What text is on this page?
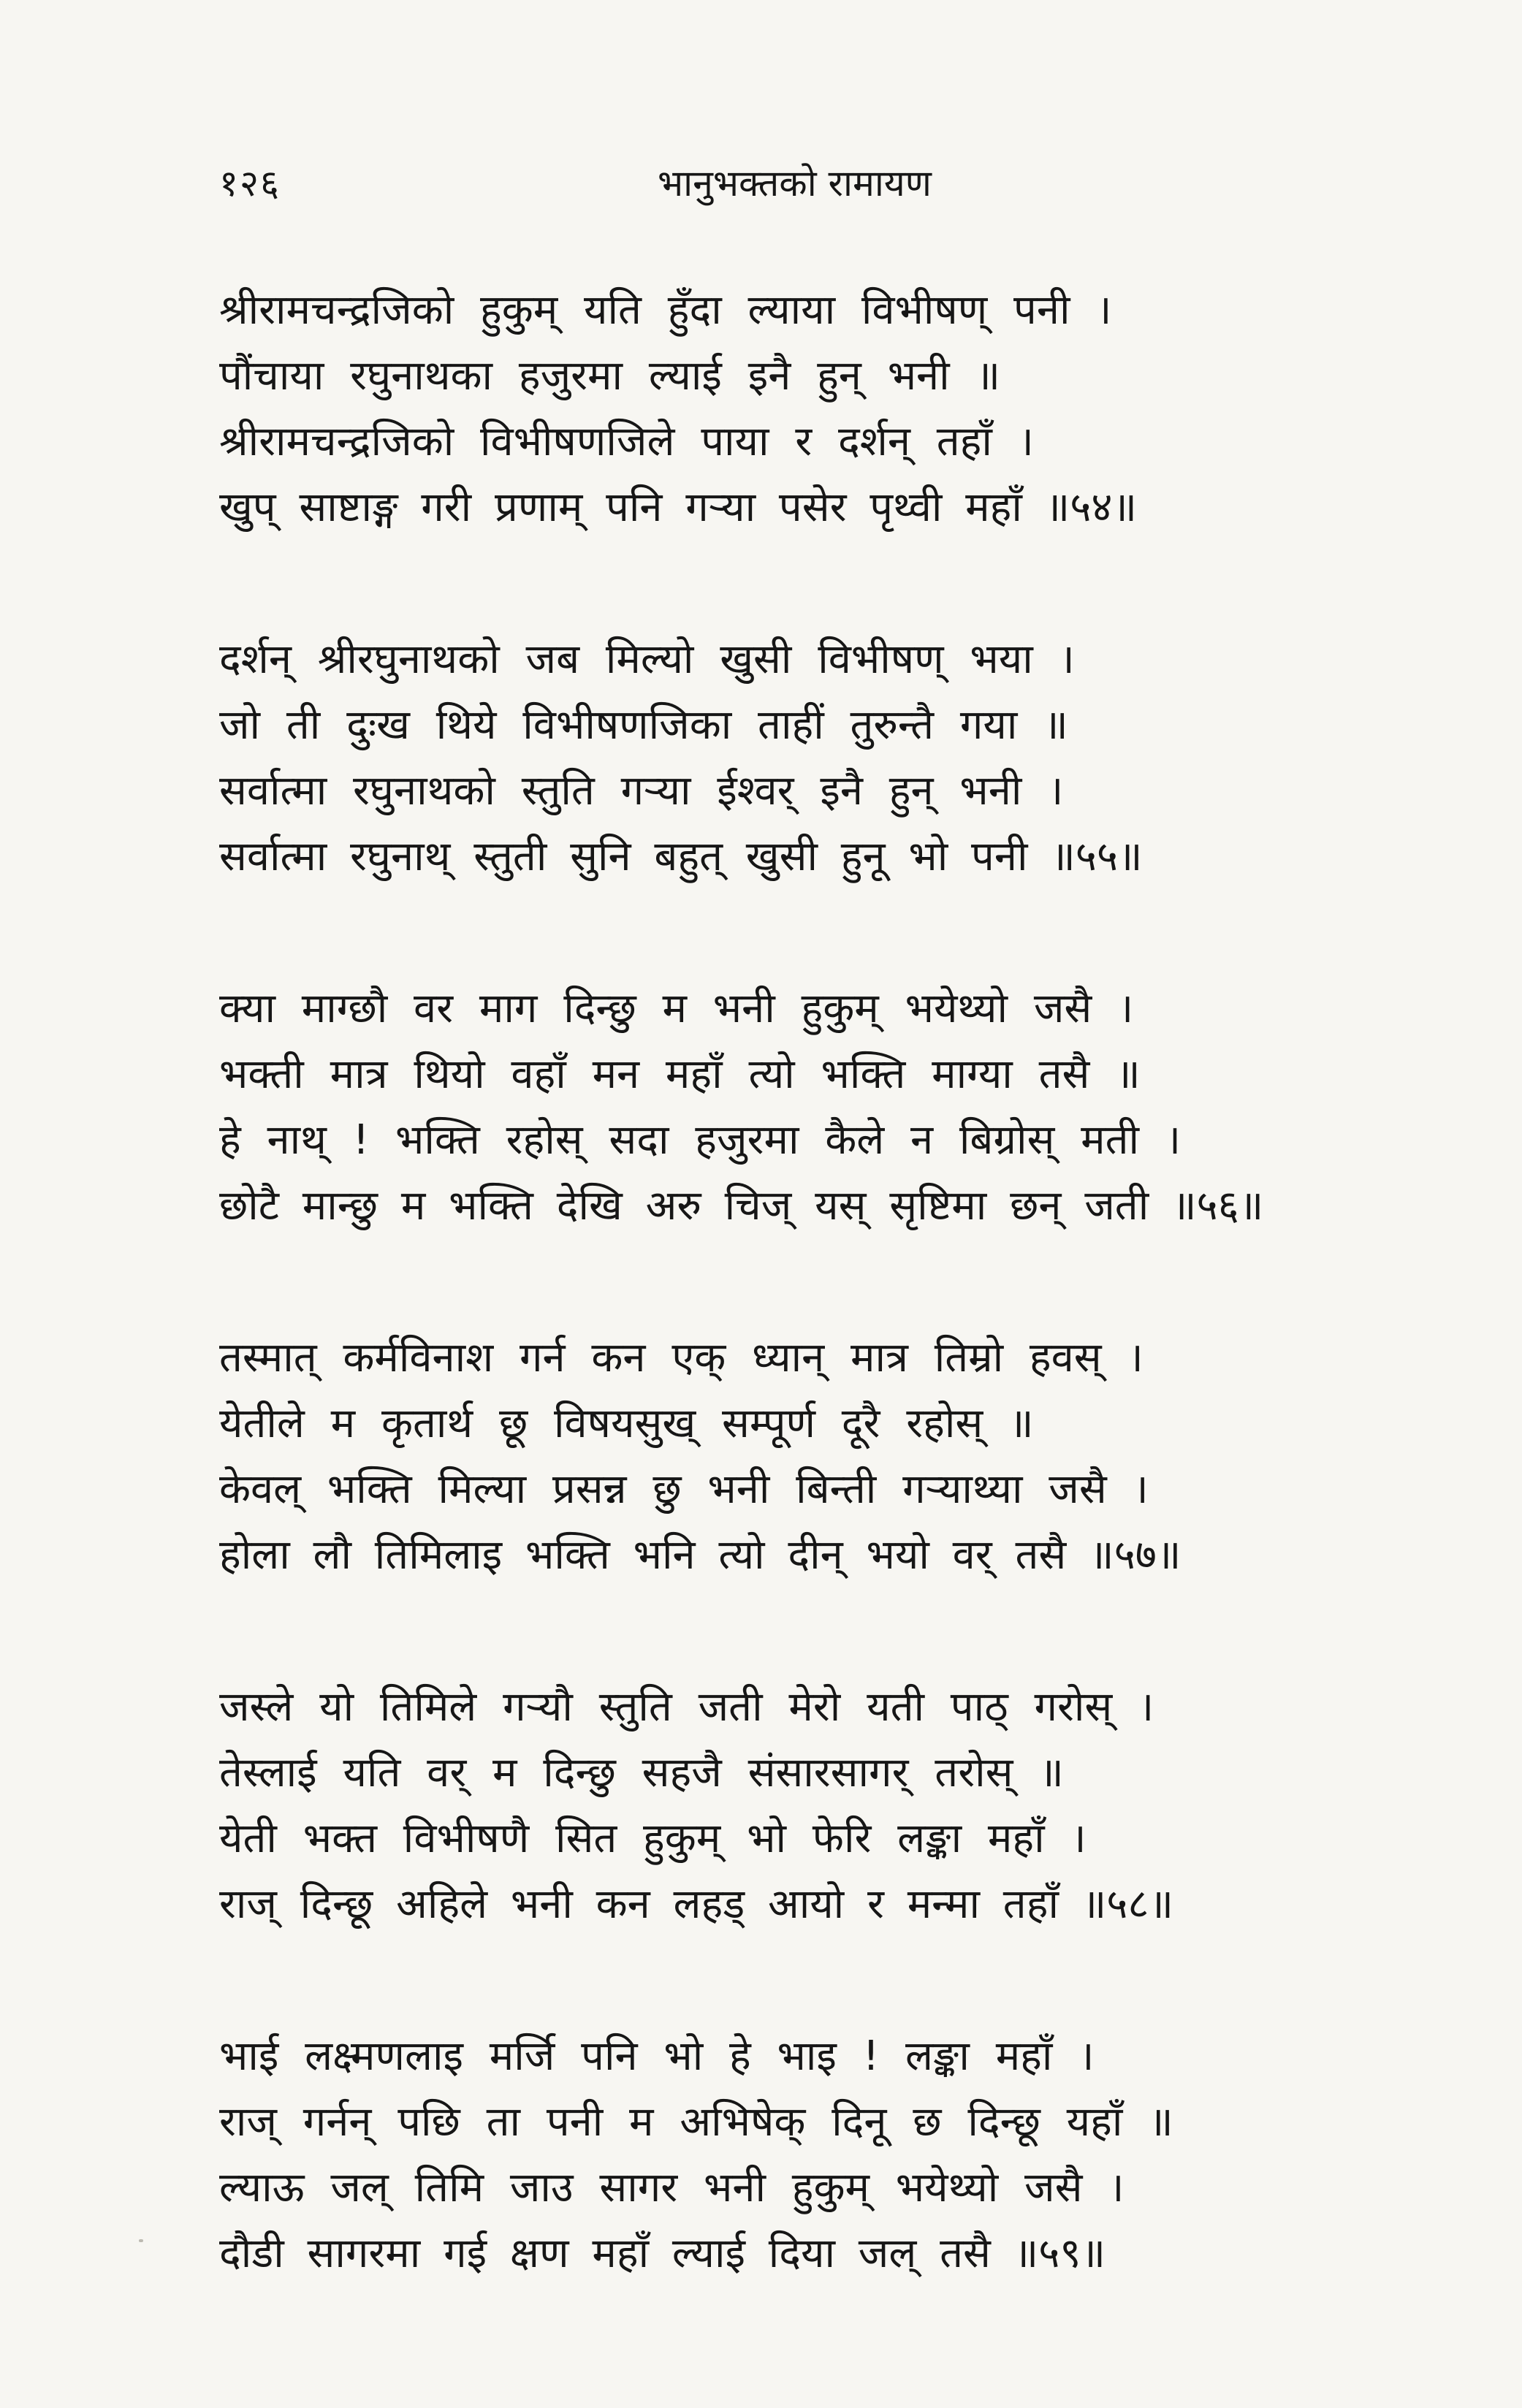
१२६	भानुभक्तको रामायण
श्रीरामचन्द्रजिको हुकुम् यति हुँदा ल्याया विभीषण् पनी ।
पौंचाया रघुनाथका हजुरमा ल्याई इनै हुन् भनी ॥
श्रीरामचन्द्रजिको विभीषणजिले पाया र दर्शन् तहाँ ।
खुप् साष्टाङ्ग गरी प्रणाम् पनि गऱ्या पसेर पृथ्वी महाँ ॥५४॥
दर्शन् श्रीरघुनाथको जब मिल्यो खुसी विभीषण् भया ।
जो ती दुःख थिये विभीषणजिका ताहीं तुरुन्तै गया ॥
सर्वात्मा रघुनाथको स्तुति गऱ्या ईश्वर् इनै हुन् भनी ।
सर्वात्मा रघुनाथ् स्तुती सुनि बहुत् खुसी हुनू भो पनी ॥५५॥
क्या माग्छौ वर माग दिन्छु म भनी हुकुम् भयेथ्यो जसै ।
भक्ती मात्र थियो वहाँ मन महाँ त्यो भक्ति माग्या तसै ॥
हे नाथ् ! भक्ति रहोस् सदा हजुरमा कैले न बिग्रोस् मती ।
छोटै मान्छु म भक्ति देखि अरु चिज् यस् सृष्टिमा छन् जती ॥५६॥
तस्मात् कर्मविनाश गर्न कन एक् ध्यान् मात्र तिम्रो हवस् ।
येतीले म कृतार्थ छू विषयसुख् सम्पूर्ण दूरै रहोस् ॥
केवल् भक्ति मिल्या प्रसन्न छु भनी बिन्ती गऱ्याथ्या जसै ।
होला लौ तिमिलाइ भक्ति भनि त्यो दीन् भयो वर् तसै ॥५७॥
जस्ले यो तिमिले गऱ्यौ स्तुति जती मेरो यती पाठ् गरोस् ।
तेस्लाई यति वर् म दिन्छु सहजै संसारसागर् तरोस् ॥
येती भक्त विभीषणै सित हुकुम् भो फेरि लङ्का महाँ ।
राज् दिन्छू अहिले भनी कन लहड् आयो र मन्मा तहाँ ॥५८॥
भाई लक्ष्मणलाइ मर्जि पनि भो हे भाइ ! लङ्का महाँ ।
राज् गर्नन् पछि ता पनी म अभिषेक् दिनू छ दिन्छू यहाँ ॥
ल्याऊ जल् तिमि जाउ सागर भनी हुकुम् भयेथ्यो जसै ।
दौडी सागरमा गई क्षण महाँ ल्याई दिया जल् तसै ॥५९॥
